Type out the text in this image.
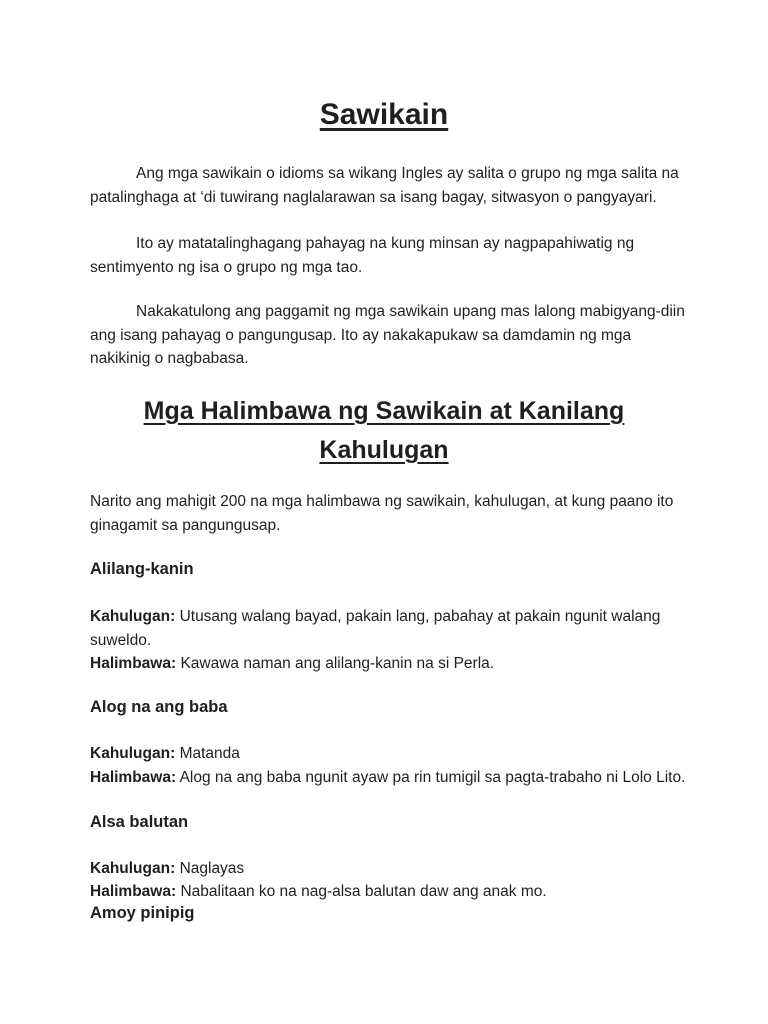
Sawikain

Ang mga sawikain o idioms sa wikang Ingles ay salita o grupo ng mga salita na patalinghaga at ‘di tuwirang naglalarawan sa isang bagay, sitwasyon o pangyayari.

Ito ay matatalinghagang pahayag na kung minsan ay nagpapahiwatig ng sentimyento ng isa o grupo ng mga tao.

Nakakatulong ang paggamit ng mga sawikain upang mas lalong mabigyang-diin ang isang pahayag o pangungusap. Ito ay nakakapukaw sa damdamin ng mga nakikinig o nagbabasa.

Mga Halimbawa ng Sawikain at Kanilang Kahulugan

Narito ang mahigit 200 na mga halimbawa ng sawikain, kahulugan, at kung paano ito ginagamit sa pangungusap.

Alilang-kanin

Kahulugan: Utusang walang bayad, pakain lang, pabahay at pakain ngunit walang suweldo.

Halimbawa: Kawawa naman ang alilang-kanin na si Perla.

Alog na ang baba

Kahulugan: Matanda

Halimbawa: Alog na ang baba ngunit ayaw pa rin tumigil sa pagta-trabaho ni Lolo Lito.

Alsa balutan

Kahulugan: Naglayas

Halimbawa: Nabalitaan ko na nag-alsa balutan daw ang anak mo.

Amoy pinipig
